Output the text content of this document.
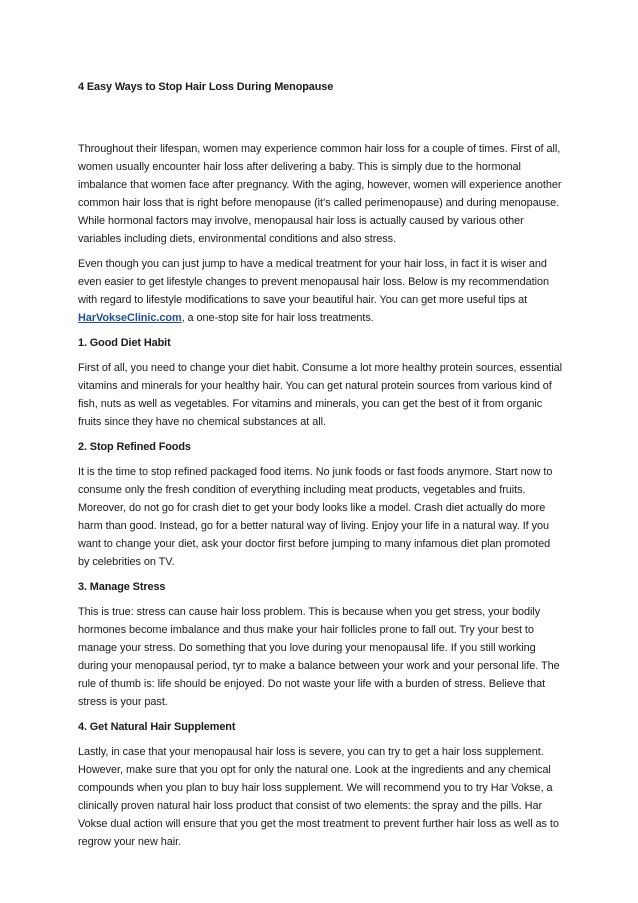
4 Easy Ways to Stop Hair Loss During Menopause

Throughout their lifespan, women may experience common hair loss for a couple of times. First of all, women usually encounter hair loss after delivering a baby. This is simply due to the hormonal imbalance that women face after pregnancy. With the aging, however, women will experience another common hair loss that is right before menopause (it’s called perimenopause) and during menopause. While hormonal factors may involve, menopausal hair loss is actually caused by various other variables including diets, environmental conditions and also stress.

Even though you can just jump to have a medical treatment for your hair loss, in fact it is wiser and even easier to get lifestyle changes to prevent menopausal hair loss. Below is my recommendation with regard to lifestyle modifications to save your beautiful hair. You can get more useful tips at HarVokseClinic.com, a one-stop site for hair loss treatments.

1. Good Diet Habit

First of all, you need to change your diet habit. Consume a lot more healthy protein sources, essential vitamins and minerals for your healthy hair. You can get natural protein sources from various kind of fish, nuts as well as vegetables. For vitamins and minerals, you can get the best of it from organic fruits since they have no chemical substances at all.

2. Stop Refined Foods

It is the time to stop refined packaged food items. No junk foods or fast foods anymore. Start now to consume only the fresh condition of everything including meat products, vegetables and fruits. Moreover, do not go for crash diet to get your body looks like a model. Crash diet actually do more harm than good. Instead, go for a better natural way of living. Enjoy your life in a natural way. If you want to change your diet, ask your doctor first before jumping to many infamous diet plan promoted by celebrities on TV.

3. Manage Stress

This is true: stress can cause hair loss problem. This is because when you get stress, your bodily hormones become imbalance and thus make your hair follicles prone to fall out. Try your best to manage your stress. Do something that you love during your menopausal life. If you still working during your menopausal period, tyr to make a balance between your work and your personal life. The rule of thumb is: life should be enjoyed. Do not waste your life with a burden of stress. Believe that stress is your past.

4. Get Natural Hair Supplement

Lastly, in case that your menopausal hair loss is severe, you can try to get a hair loss supplement. However, make sure that you opt for only the natural one. Look at the ingredients and any chemical compounds when you plan to buy hair loss supplement. We will recommend you to try Har Vokse, a clinically proven natural hair loss product that consist of two elements: the spray and the pills. Har Vokse dual action will ensure that you get the most treatment to prevent further hair loss as well as to regrow your new hair.
